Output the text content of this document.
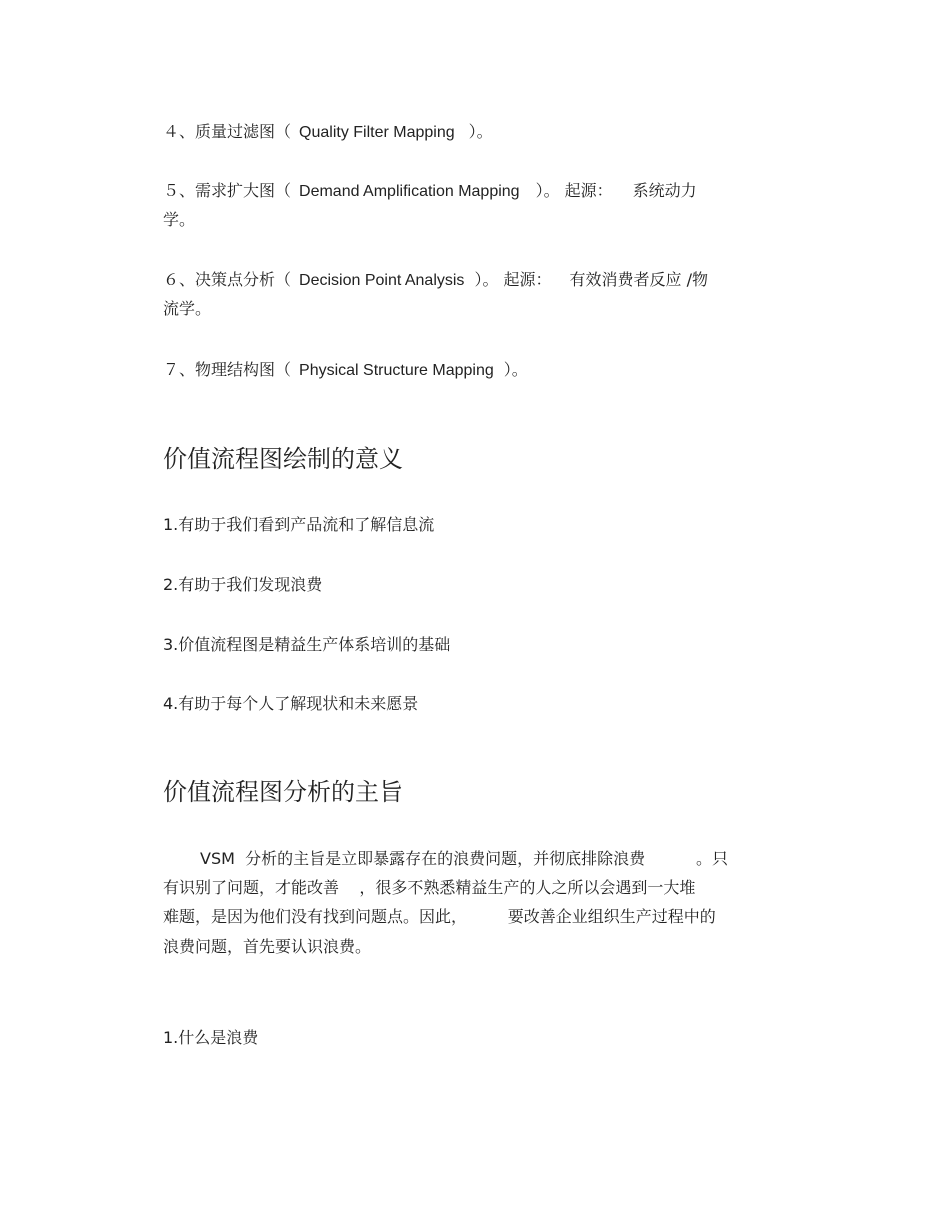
４、质量过滤图（ Quality Filter Mapping ）。
５、需求扩大图（ Demand Amplification Mapping ）。 起源： 系统动力
学。
６、决策点分析（ Decision Point Analysis ）。 起源： 有效消费者反应 /物
流学。
７、物理结构图（ Physical Structure Mapping ）。
价值流程图绘制的意义
1.有助于我们看到产品流和了解信息流
2.有助于我们发现浪费
3.价值流程图是精益生产体系培训的基础
4.有助于每个人了解现状和未来愿景
价值流程图分析的主旨
VSM  分析的主旨是立即暴露存在的浪费问题，并彻底排除浪费          。只
有识别了问题，才能改善    ，很多不熟悉精益生产的人之所以会遇到一大堆
难题，是因为他们没有找到问题点。因此，        要改善企业组织生产过程中的
浪费问题，首先要认识浪费。
1.什么是浪费
